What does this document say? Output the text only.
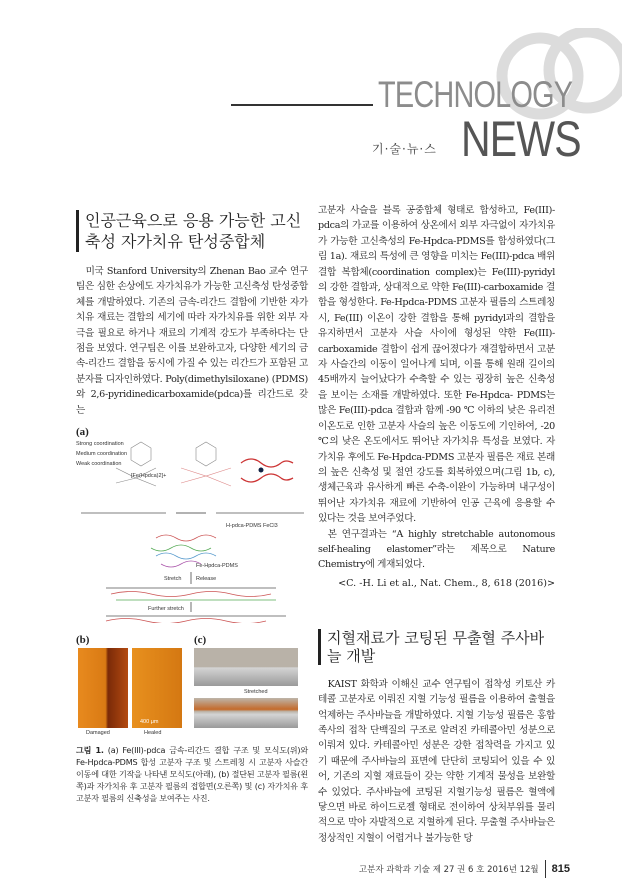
TECHNOLOGY
NEWS
기·술·뉴·스
인공근육으로 응용 가능한 고신축성 자가치유 탄성중합체

미국 Stanford University의 Zhenan Bao 교수 연구팀은 심한 손상에도 자가치유가 가능한 고신축성 탄성중합체를 개발하였다. 기존의 금속-리간드 결합에 기반한 자가치유 재료는 결합의 세기에 따라 자가치유를 위한 외부 자극을 필요로 하거나 재료의 기계적 강도가 부족하다는 단점을 보였다. 연구팀은 이를 보완하고자, 다양한 세기의 금속-리간드 결합을 동시에 가질 수 있는 리간드가 포함된 고분자를 디자인하였다. Poly(dimethylsiloxane) (PDMS)와 2,6-pyridinedicarboxamide(pdca)를 리간드로 갖는

(a)
Strong coordination
Medium coordination
Weak coordination
[Fe(Hpdca)2]+
H-pdca-PDMS FeCl3
Fe-Hpdca-PDMS
Stretch	Release
Further stretch
(b)
400 μm
Damaged	Healed
(c)
Stretched

그림 1. (a) Fe(III)-pdca 금속-리간드 결합 구조 및 모식도(위)와 Fe-Hpdca-PDMS 합성 고분자 구조 및 스트레칭 시 고분자 사슬간 이동에 대한 기작을 나타낸 모식도(아래), (b) 절단된 고분자 필름(왼쪽)과 자가치유 후 고분자 필름의 접합면(오른쪽) 및 (c) 자가치유 후 고분자 필름의 신축성을 보여주는 사진.

고분자 사슬을 블록 공중합체 형태로 합성하고, Fe(III)-pdca의 가교를 이용하여 상온에서 외부 자극없이 자가치유가 가능한 고신축성의 Fe-Hpdca-PDMS를 합성하였다(그림 1a). 재료의 특성에 큰 영향을 미치는 Fe(III)-pdca 배위결합 복합체(coordination complex)는 Fe(III)-pyridyl의 강한 결합과, 상대적으로 약한 Fe(III)-carboxamide 결합을 형성한다. Fe-Hpdca-PDMS 고분자 필름의 스트레칭 시, Fe(III) 이온이 강한 결합을 통해 pyridyl과의 결합을 유지하면서 고분자 사슬 사이에 형성된 약한 Fe(III)-carboxamide 결합이 쉽게 끊어졌다가 재결합하면서 고분자 사슬간의 이동이 일어나게 되며, 이를 통해 원래 길이의 45배까지 늘어났다가 수축할 수 있는 굉장히 높은 신축성을 보이는 소재를 개발하였다. 또한 Fe-Hpdca- PDMS는 많은 Fe(III)-pdca 결합과 함께 -90 ℃ 이하의 낮은 유리전이온도로 인한 고분자 사슬의 높은 이동도에 기인하여, -20 ℃의 낮은 온도에서도 뛰어난 자가치유 특성을 보였다. 자가치유 후에도 Fe-Hpdca-PDMS 고분자 필름은 재료 본래의 높은 신축성 및 절연 강도를 회복하였으며(그림 1b, c), 생체근육과 유사하게 빠른 수축-이완이 가능하며 내구성이 뛰어난 자가치유 재료에 기반하여 인공 근육에 응용할 수 있다는 것을 보여주었다.

본 연구결과는 “A highly stretchable autonomous self-healing elastomer”라는 제목으로 Nature Chemistry에 게재되었다.

<C. -H. Li et al., Nat. Chem., 8, 618 (2016)>
지혈재료가 코팅된 무출혈 주사바늘 개발

KAIST 화학과 이해신 교수 연구팀이 접착성 키토산 카테콜 고분자로 이뤄진 지혈 기능성 필름을 이용하여 출혈을 억제하는 주사바늘을 개발하였다. 지혈 기능성 필름은 홍합 족사의 접착 단백질의 구조로 알려진 카테콜아민 성분으로 이뤄져 있다. 카테콜아민 성분은 강한 접착력을 가지고 있기 때문에 주사바늘의 표면에 단단히 코팅되어 있을 수 있어, 기존의 지혈 재료들이 갖는 약한 기계적 물성을 보완할 수 있었다. 주사바늘에 코팅된 지혈기능성 필름은 혈액에 닿으면 바로 하이드로젤 형태로 전이하여 상처부위를 물리적으로 막아 자발적으로 지혈하게 된다. 무출혈 주사바늘은 정상적인 지혈이 어렵거나 불가능한 당

고분자 과학과 기술 제 27 권 6 호 2016년 12월 815
